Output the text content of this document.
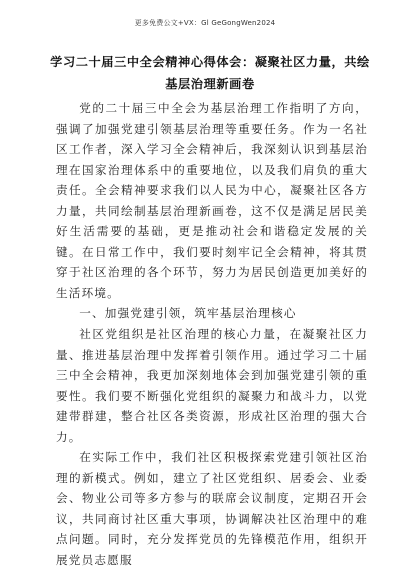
更多免费公文+VX：Gl GeGongWen2024
学习二十届三中全会精神心得体会：凝聚社区力量，共绘基层治理新画卷

党的二十届三中全会为基层治理工作指明了方向，强调了加强党建引领基层治理等重要任务。作为一名社区工作者，深入学习全会精神后，我深刻认识到基层治理在国家治理体系中的重要地位，以及我们肩负的重大责任。全会精神要求我们以人民为中心，凝聚社区各方力量，共同绘制基层治理新画卷，这不仅是满足居民美好生活需要的基础，更是推动社会和谐稳定发展的关键。在日常工作中，我们要时刻牢记全会精神，将其贯穿于社区治理的各个环节，努力为居民创造更加美好的生活环境。

一、加强党建引领，筑牢基层治理核心

社区党组织是社区治理的核心力量，在凝聚社区力量、推进基层治理中发挥着引领作用。通过学习二十届三中全会精神，我更加深刻地体会到加强党建引领的重要性。我们要不断强化党组织的凝聚力和战斗力，以党建带群建，整合社区各类资源，形成社区治理的强大合力。

在实际工作中，我们社区积极探索党建引领社区治理的新模式。例如，建立了社区党组织、居委会、业委会、物业公司等多方参与的联席会议制度，定期召开会议，共同商讨社区重大事项，协调解决社区治理中的难点问题。同时，充分发挥党员的先锋模范作用，组织开展党员志愿服
